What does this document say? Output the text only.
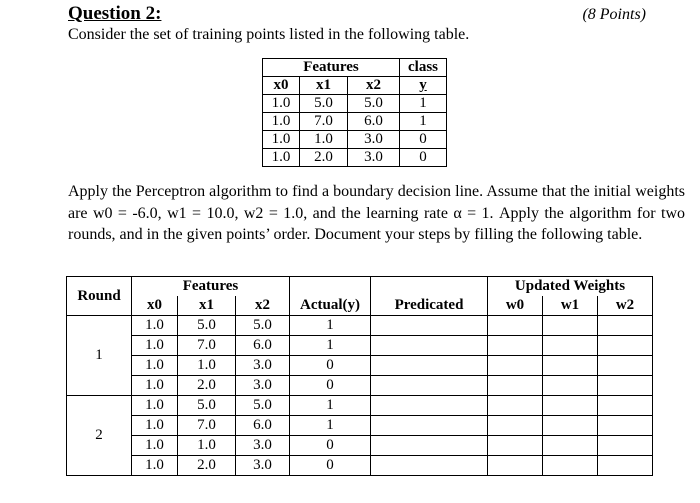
Question 2:	(8 Points)
Consider the set of training points listed in the following table.
Features			class
x0	x1	x2	y
1.0	5.0	5.0	1
1.0	7.0	6.0	1
1.0	1.0	3.0	0
1.0	2.0	3.0	0
Apply the Perceptron algorithm to find a boundary decision line. Assume that the initial weights are w0 = -6.0, w1 = 10.0, w2 = 1.0, and the learning rate α = 1. Apply the algorithm for two rounds, and in the given points’ order. Document your steps by filling the following table.
Round	Features					Updated Weights		
	x0	x1	x2	Actual(y)	Predicated	w0	w1	w2
1	1.0	5.0	5.0	1				
	1.0	7.0	6.0	1				
	1.0	1.0	3.0	0				
	1.0	2.0	3.0	0				
2	1.0	5.0	5.0	1				
	1.0	7.0	6.0	1				
	1.0	1.0	3.0	0				
	1.0	2.0	3.0	0				
